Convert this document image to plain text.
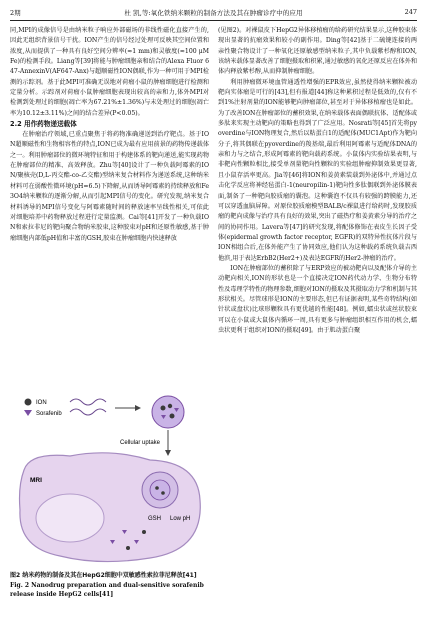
2期	杜 凯,等:氧化铁纳米颗粒的制备方法及其在肿瘤诊疗中的应用	247

同,MPI的成像信号是由纳米粒子响应外部磁场的非线性磁化直接产生的,因此无组织背景信号干扰。ION产生的信号经过处理可反映其空间位置和浓度,从而提供了一种具有良好空间分辨率(≈1 mm)和灵敏度(≈100 μM Fe)的检测手段。Liang等[39]将能与肿瘤细胞亲和结合的Alexa Fluor 647-AnnexinV(AF647-Anx)与超顺磁性ION偶联,作为一种可用于MPI检测的示踪剂。基于此MPI可准确无误地对荷瘤小鼠的肿瘤细胞进行检测和定量分析。示踪剂对荷瘤小鼠肿瘤细胞表现出较高的亲和力,体外MPI对检测到处理过的细胞(凋亡率为67.21%±1.36%)与未处理过的细胞(凋亡率为10.12±3.11%)之间的结合差异(P<0.05)。

2.2 用作药物递送载体

在肿瘤治疗领域,已重点聚焦于将药物准确递送到治疗靶点。基于ION超顺磁性和生物相容性的特点,ION已成为最有应用前景的药物传递载体之一。利用肿瘤部位的微环境特征和用于构建体系的靶向递送,能实现药物在肿瘤部位的精准、高效释放。Zhu等[40]设计了一种负载阿霉素的ION/聚核壳(D,L-丙交酯-co-乙交酯)型纳米复合材料作为递送系统,这种纳米材料可在弱酸性微环境(pH=6.5)下降解,从而诱导阿霉素的持续释放和Fe3O4纳米颗粒的逐渐分解,从而引起MPI信号的变化。研究发现,纳米复合材料诱导的MPI信号变化与阿霉素随时间的释放速率呈线性相关,可依此对细胞培养中药物释放过程进行定量监测。Cai等[41]开发了一种负载ION和索拉非尼的靶向聚合物纳米胶束,这种胶束对pH和还原性敏感,基于肿瘤细胞内部低pH值和丰富的GSH,胶束在肿瘤细胞内快速释放

ION
Sorafenib
Cellular uptake
GSH Low pH
MRI
图2 纳米药物的制备及其在HepG2细胞中双敏感性索拉菲尼释放[41]
Fig. 2 Nanodrug preparation and dual-sensitive sorafenib release inside HepG2 cells[41]

(见图2)。对裸鼠皮下HepG2异体移植瘤的给药研究结果显示,这种胶束体现出显著的抗瘤效果和较小的副作用。Ding等[42]基于二硫键连接的两亲性聚合物设计了一种氧化还原敏感型纳米粒子,其中负载紫杉醇和ION,该纳米载体显著改善了细胞摄取和积累,通过敏感的氧化还原反应在体外和体内释放紫杉醇,从而抑制肿瘤细胞。

利用肿瘤微环境血管通透性增强的EPR效应,虽然使得纳米颗粒被动靶向实体瘤是可行的[43],但有报道[44]称这种累积过程是低效的,仅有不到1%注射剂量的ION能够靶向肿瘤部位,甚至对于异体移植瘤也是如此。为了改善ION在肿瘤部位的蓄积效果,在纳米载体表面偶联抗体、适配体或多肽来实现主动靶向的策略也得到了广泛应用。Nosrati等[45]首先将pyoverdine与ION物理复合,然后以粘蛋白1的适配体(MUC1Apt)作为靶向分子,将其偶联在pyoverdine的羧基端,最后利用阿霉素与适配体DNA的亲和力与之结合,形成阿霉素的靶向载药系统。小鼠体内实验结果表明,与非靶向性颗粒相比,接受单剂量靶向性颗粒的实验组肿瘤抑制效果更显著,且小鼠存活率更高。Jia等[46]将ION和姜黄素装载到外泌体中,并通过点击化学反应将神经毡蛋白-1(neuropilin-1)靶向性多肽偶联到外泌体膜表面,制备了一种靶向胶质瘤的囊泡。这种囊泡不仅具有较强的跨膜能力,还可以穿透血脑屏障。对原位胶质瘤模型BALB/c裸鼠进行给药时,发现胶质瘤的靶向成像与治疗具有良好的效果,突出了磁热疗和姜黄素分导的治疗之间的协同作用。Lavera等[47]的研究发现,将配体修饰在表皮生长因子受体(epidermal growth factor receptor, EGFR)的双特异性抗体片段与ION相组合后,在体外能产生了协同效应,他们认为这种载药系统负载吉西他滨,用于表达ErbB2(Her2+)及表达EGFR的Her2-肿瘤的治疗。

ION在肿瘤部位的蓄积除了与ERP效应的被动靶向以及配体介导的主动靶向相关,ION的形状也是一个直接决定ION药代动力学、生物分布特性及毒理学特性的物理参数,细胞对ION的摄取及其摄取动力学和机制与其形状相关。尽管球形是ION的主要形态,但已有证据表明,某些奇特结构(如针状或盘状)比球形颗粒具有更优越的性能[48]。例如,蠕虫状或丝状胶束可以在小鼠或大鼠体内循环一周,具有更多与肿瘤组织相互作用的机会,蠕虫状更利于组织对ION的摄取[49]。由于肌动蛋白聚
